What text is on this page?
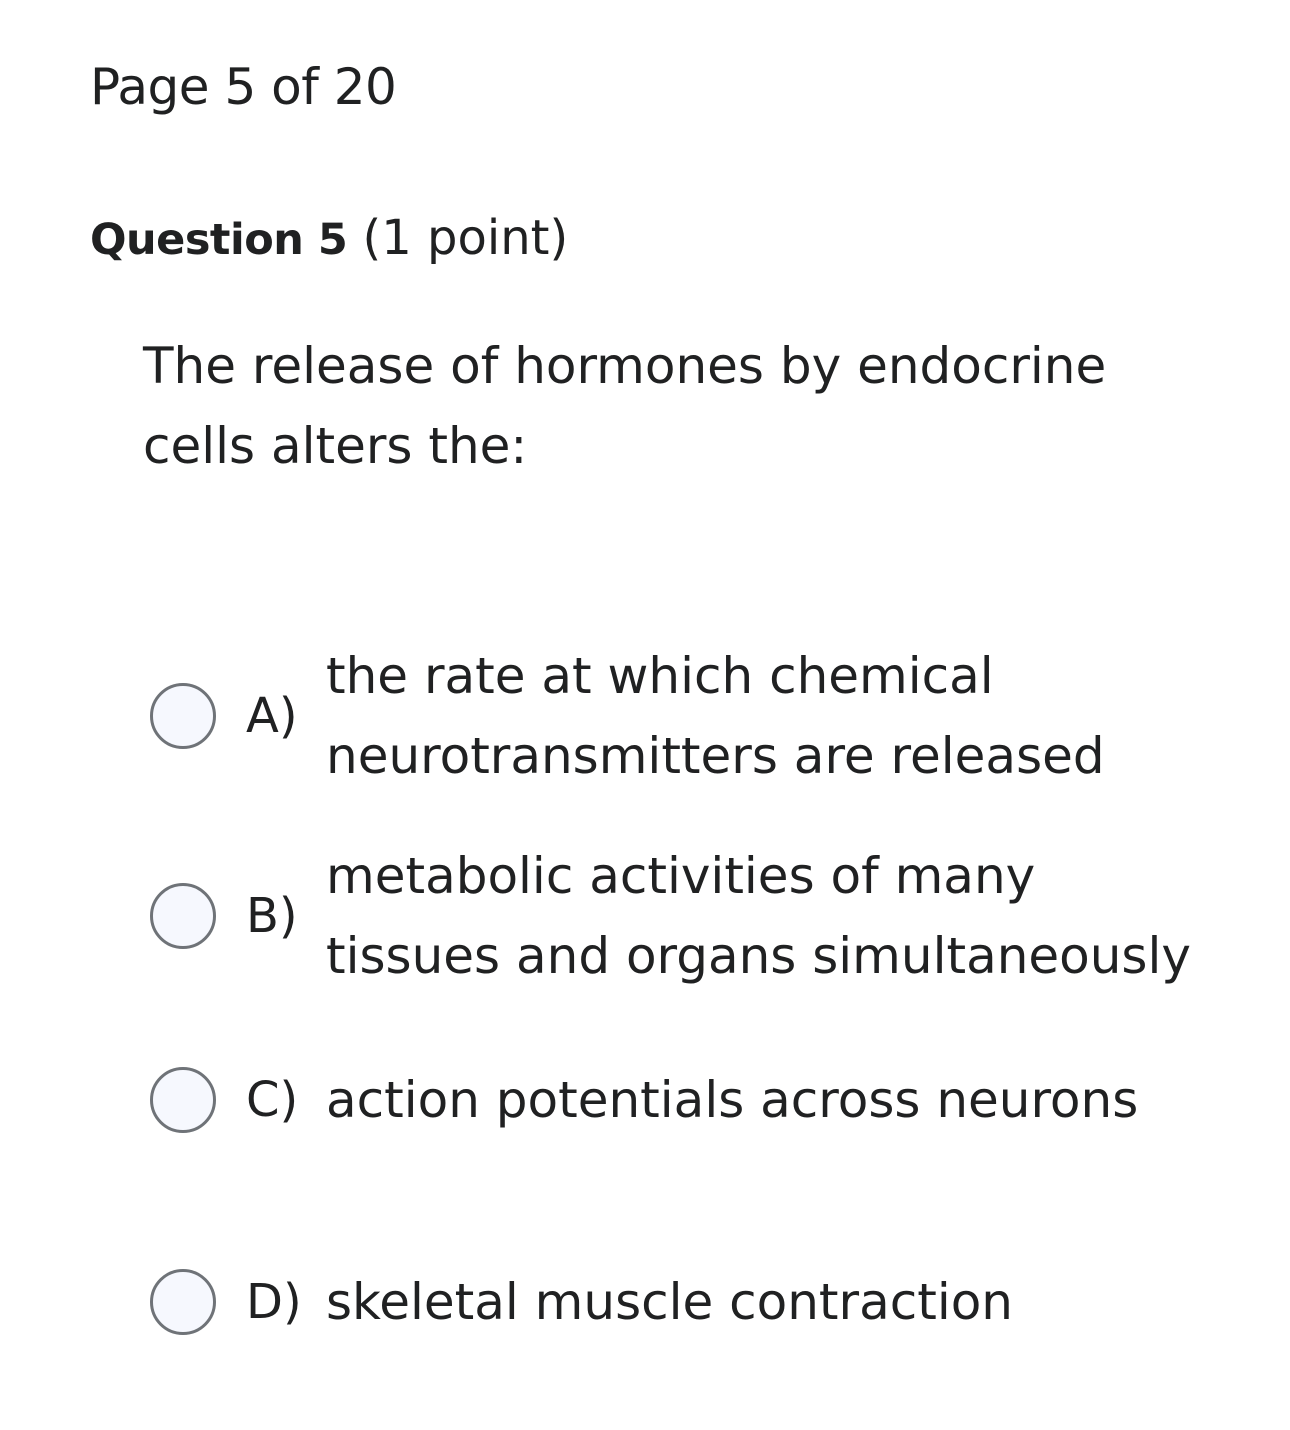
Page 5 of 20
Question 5 (1 point)
The release of hormones by endocrine cells alters the:
A)
the rate at which chemical neurotransmitters are released
B)
metabolic activities of many tissues and organs simultaneously
C) action potentials across neurons
D) skeletal muscle contraction
